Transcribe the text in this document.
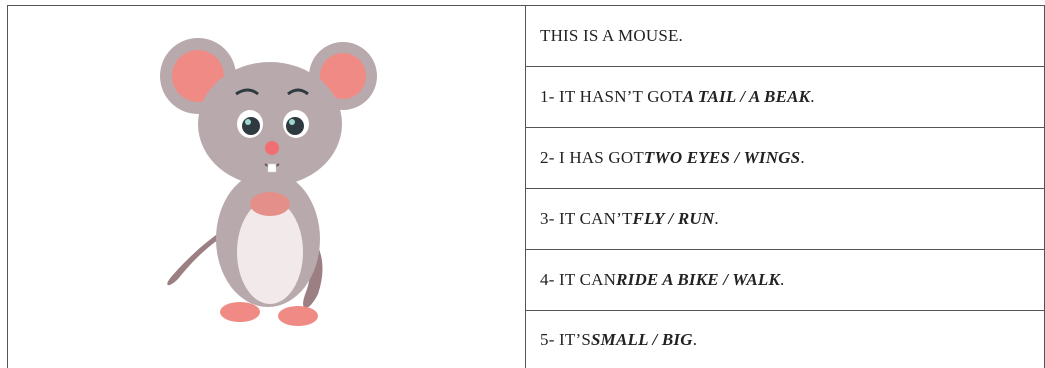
THIS IS A MOUSE.
1- IT HASN’T GOT A TAIL / A BEAK .
2- I HAS GOT TWO EYES / WINGS .
3- IT CAN’T FLY / RUN .
4- IT CAN RIDE A BIKE / WALK .
5- IT’S SMALL / BIG .
